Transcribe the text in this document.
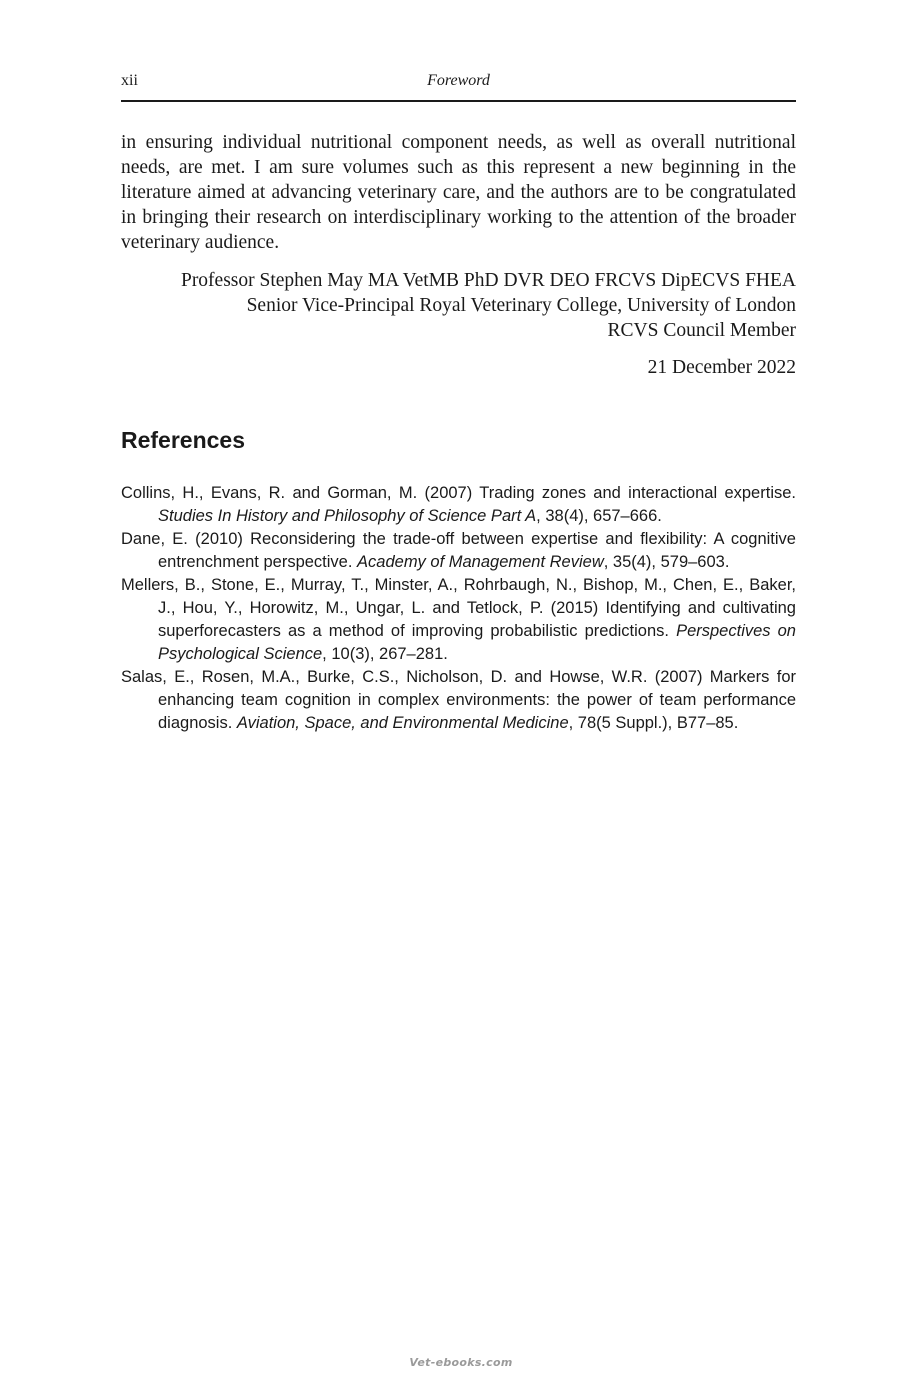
xii	Foreword

in ensuring individual nutritional component needs, as well as overall nutritional needs, are met. I am sure volumes such as this represent a new beginning in the literature aimed at advancing veterinary care, and the authors are to be congratulated in bringing their research on interdisciplinary working to the attention of the broader veterinary audience.

Professor Stephen May MA VetMB PhD DVR DEO FRCVS DipECVS FHEA
Senior Vice-Principal Royal Veterinary College, University of London
RCVS Council Member
21 December 2022
References
Collins, H., Evans, R. and Gorman, M. (2007) Trading zones and interactional expertise. Studies In History and Philosophy of Science Part A, 38(4), 657–666.
Dane, E. (2010) Reconsidering the trade-off between expertise and flexibility: A cognitive entrenchment perspective. Academy of Management Review, 35(4), 579–603.
Mellers, B., Stone, E., Murray, T., Minster, A., Rohrbaugh, N., Bishop, M., Chen, E., Baker, J., Hou, Y., Horowitz, M., Ungar, L. and Tetlock, P. (2015) Identifying and cultivating superforecasters as a method of improving probabilistic predictions. Perspectives on Psychological Science, 10(3), 267–281.
Salas, E., Rosen, M.A., Burke, C.S., Nicholson, D. and Howse, W.R. (2007) Markers for enhancing team cognition in complex environments: the power of team performance diagnosis. Aviation, Space, and Environmental Medicine, 78(5 Suppl.), B77–85.
Vet-ebooks.com
